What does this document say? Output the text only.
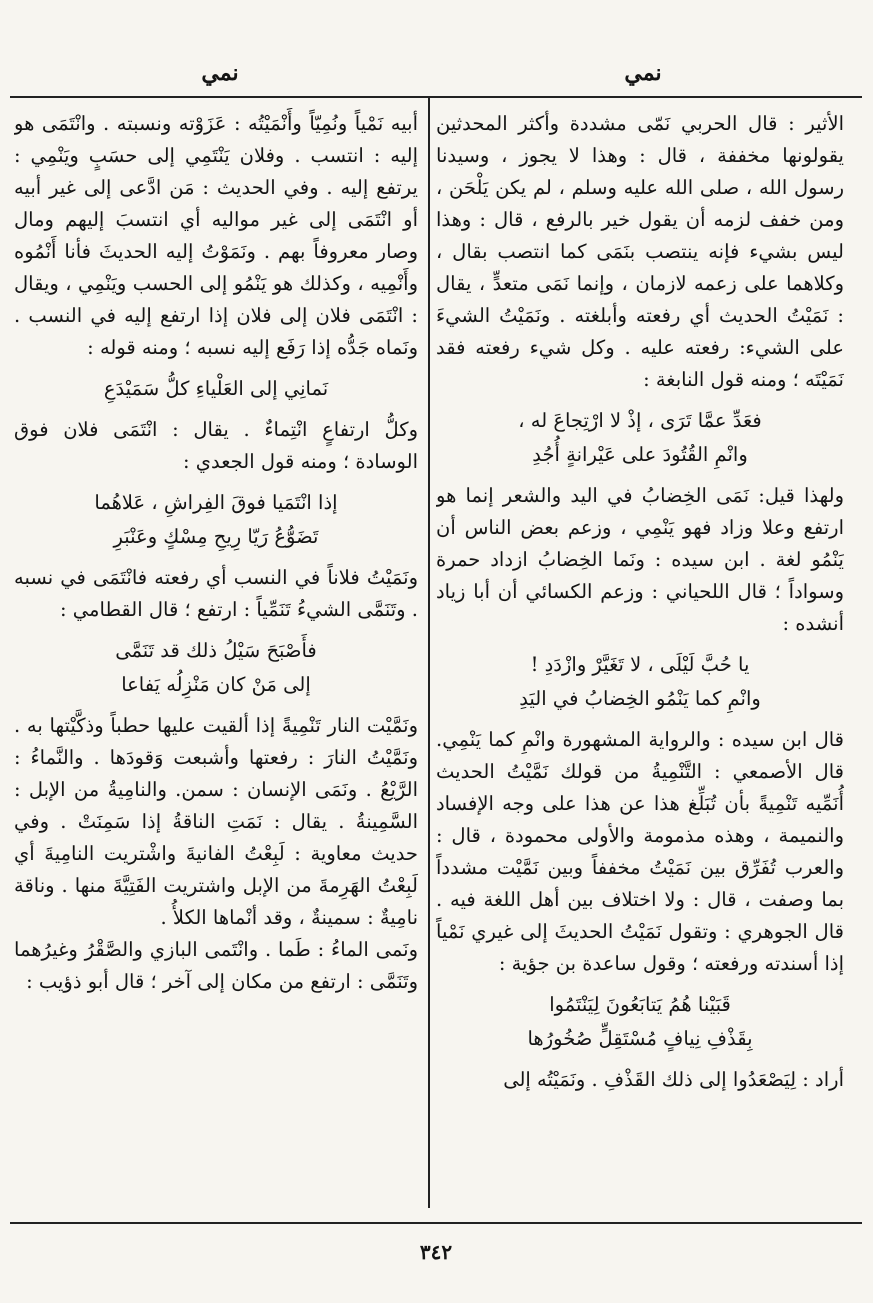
نمي
نمي

الأثير : قال الحربي نَمّى مشددة وأكثر المحدثين يقولونها مخففة ، قال : وهذا لا يجوز ، وسيدنا رسول الله ، صلى الله عليه وسلم ، لم يكن يَلْحَن ، ومن خفف لزمه أن يقول خير بالرفع ، قال : وهذا ليس بشيء فإنه ينتصب بنَمَى كما انتصب بقال ، وكلاهما على زعمه لازمان ، وإنما نَمَى متعدٍّ ، يقال : نَمَيْتُ الحديث أي رفعته وأبلغته . ونَمَيْتُ الشيءَ على الشيء: رفعته عليه . وكل شيء رفعته فقد نَمَيْتَه ؛ ومنه قول النابغة :

فعَدِّ عمَّا تَرَى ، إذْ لا ارْتِجاعَ له ،
وانْمِ القُتُودَ على عَيْرانةٍ أُجُدِ

ولهذا قيل: نَمَى الخِضابُ في اليد والشعر إنما هو ارتفع وعلا وزاد فهو يَنْمِي ، وزعم بعض الناس أن يَنْمُو لغة . ابن سيده : ونَما الخِضابُ ازداد حمرة وسواداً ؛ قال اللحياني : وزعم الكسائي أن أبا زياد أنشده :

يا حُبَّ لَيْلَى ، لا تَغَيَّرْ وازْدَدِ !
وانْمِ كما يَنْمُو الخِضابُ في اليَدِ

قال ابن سيده : والرواية المشهورة وانْمِ كما يَنْمِي. قال الأصمعي : التَّنْمِيةُ من قولك نَمَّيْتُ الحديث أُنَمِّيه تَنْمِيةً بأن تُبَلِّغ هذا عن هذا على وجه الإفساد والنميمة ، وهذه مذمومة والأولى محمودة ، قال : والعرب تُفَرِّق بين نَمَيْتُ مخففاً وبين نَمَّيْت مشدداً بما وصفت ، قال : ولا اختلاف بين أهل اللغة فيه . قال الجوهري : وتقول نَمَيْتُ الحديثَ إلى غيري نَمْياً إذا أسندته ورفعته ؛ وقول ساعدة بن جؤية :

قَبَيْنا هُمُ يَتابَعُونَ لِيَنْتَمُوا
بِقَذْفِ نِيافٍ مُسْتَقِلٍّ صُخُورُها

أراد : لِيَصْعَدُوا إلى ذلك القَذْفِ . ونَمَيْتُه إلى

أبيه نَمْياً ونُمِيّاً وأَنْمَيْتُه : عَزَوْته ونسبته . وانْتَمَى هو إليه : انتسب . وفلان يَنْتَمِي إلى حسَبٍ ويَنْمِي : يرتفع إليه . وفي الحديث : مَن ادَّعى إلى غير أبيه أو انْتَمَى إلى غير مواليه أي انتسبَ إليهم ومال وصار معروفاً بهم . ونَمَوْتُ إليه الحديثَ فأنا أَنْمُوه وأَنْمِيه ، وكذلك هو يَنْمُو إلى الحسب ويَنْمِي ، ويقال : انْتَمَى فلان إلى فلان إذا ارتفع إليه في النسب . ونَماه جَدُّه إذا رَفَع إليه نسبه ؛ ومنه قوله :

نَمانِي إلى العَلْياءِ كلُّ سَمَيْدَعِ

وكلُّ ارتفاعٍ انْتِماءٌ . يقال : انْتَمَى فلان فوق الوسادة ؛ ومنه قول الجعدي :

إذا انْتَمَيا فوقَ الفِراشِ ، عَلاهُما
تَضَوُّعُ رَيّا رِيحِ مِسْكٍ وعَنْبَرِ

ونَمَيْتُ فلاناً في النسب أي رفعته فانْتَمَى في نسبه . وتَنَمَّى الشيءُ تَنَمِّياً : ارتفع ؛ قال القطامي :

فأَصْبَحَ سَيْلُ ذلك قد تَنَمَّى
إلى مَنْ كان مَنْزِلُه يَفاعا

ونَمَّيْت النار تَنْمِيةً إذا ألقيت عليها حطباً وذكَّيْتها به . ونَمَّيْتُ النارَ : رفعتها وأشبعت وَقودَها . والنَّماءُ : الرَّيْعُ . ونَمَى الإنسان : سمن. والنامِيةُ من الإبل : السَّمِينةُ . يقال : نَمَتِ الناقةُ إذا سَمِنَتْ . وفي حديث معاوية : لَبِعْتُ الفانيةَ واشْتريت النامِيةَ أي لَبِعْتُ الهَرِمةَ من الإبل واشتريت الفَتِيَّةَ منها . وناقة نامِيةٌ : سمينةٌ ، وقد أنْماها الكلأُ .

ونَمى الماءُ : طَما . وانْتَمى البازي والصَّقْرُ وغيرُهما وتَنَمَّى : ارتفع من مكان إلى آخر ؛ قال أبو ذؤيب :

٣٤٢
